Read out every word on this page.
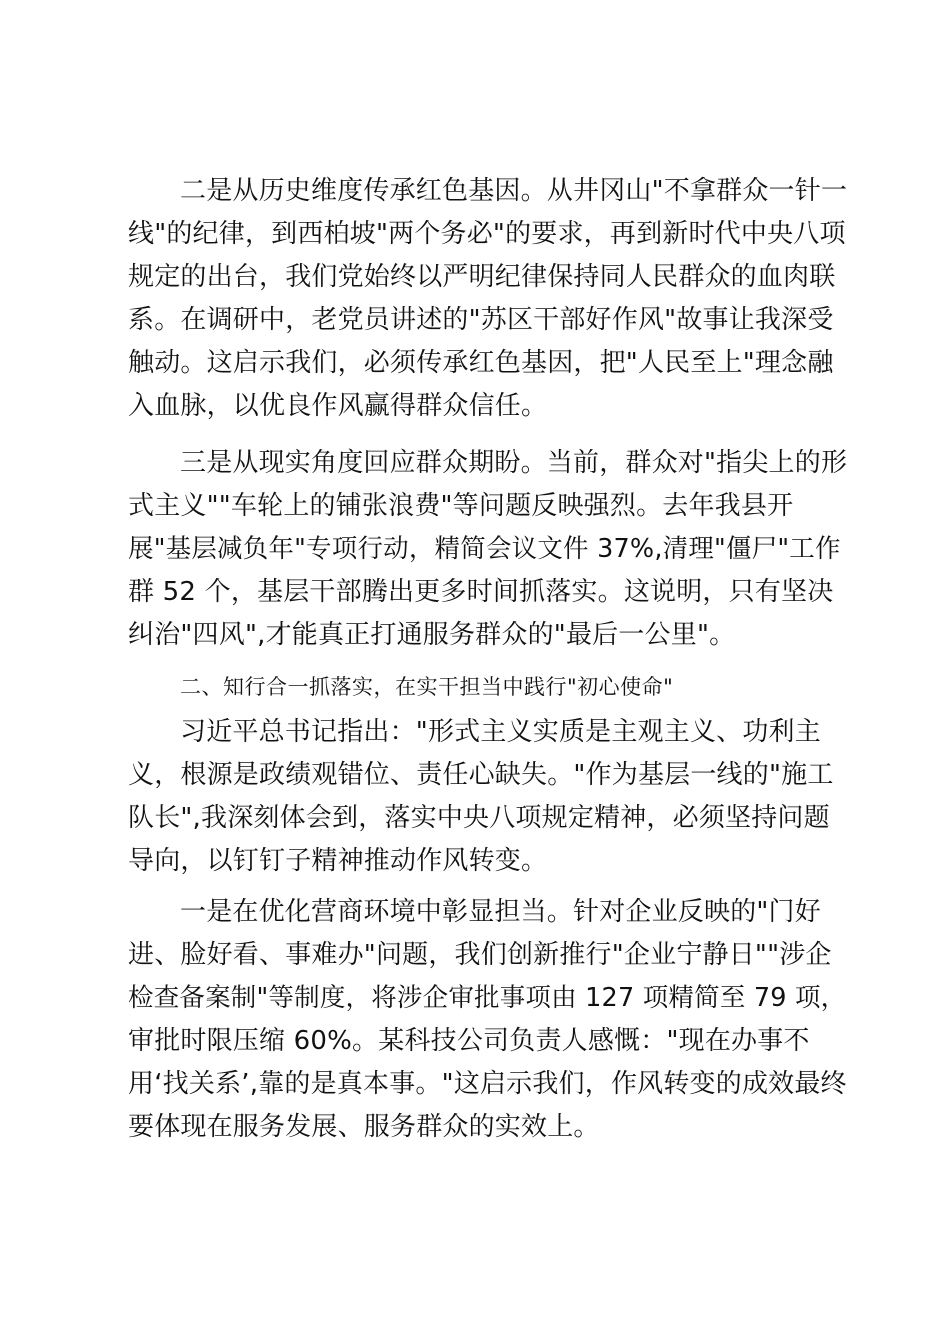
二是从历史维度传承红色基因。从井冈山"不拿群众一针一
线"的纪律，到西柏坡"两个务必"的要求，再到新时代中央八项
规定的出台，我们党始终以严明纪律保持同人民群众的血肉联
系。在调研中，老党员讲述的"苏区干部好作风"故事让我深受
触动。这启示我们，必须传承红色基因，把"人民至上"理念融
入血脉，以优良作风赢得群众信任。
三是从现实角度回应群众期盼。当前，群众对"指尖上的形
式主义""车轮上的铺张浪费"等问题反映强烈。去年我县开
展"基层减负年"专项行动，精简会议文件 37%,清理"僵尸"工作
群 52 个，基层干部腾出更多时间抓落实。这说明，只有坚决
纠治"四风",才能真正打通服务群众的"最后一公里"。
二、知行合一抓落实，在实干担当中践行"初心使命"
习近平总书记指出："形式主义实质是主观主义、功利主
义，根源是政绩观错位、责任心缺失。"作为基层一线的"施工
队长",我深刻体会到，落实中央八项规定精神，必须坚持问题
导向，以钉钉子精神推动作风转变。
一是在优化营商环境中彰显担当。针对企业反映的"门好
进、脸好看、事难办"问题，我们创新推行"企业宁静日""涉企
检查备案制"等制度，将涉企审批事项由 127 项精简至 79 项，
审批时限压缩 60%。某科技公司负责人感慨："现在办事不
用‘找关系’,靠的是真本事。"这启示我们，作风转变的成效最终
要体现在服务发展、服务群众的实效上。
